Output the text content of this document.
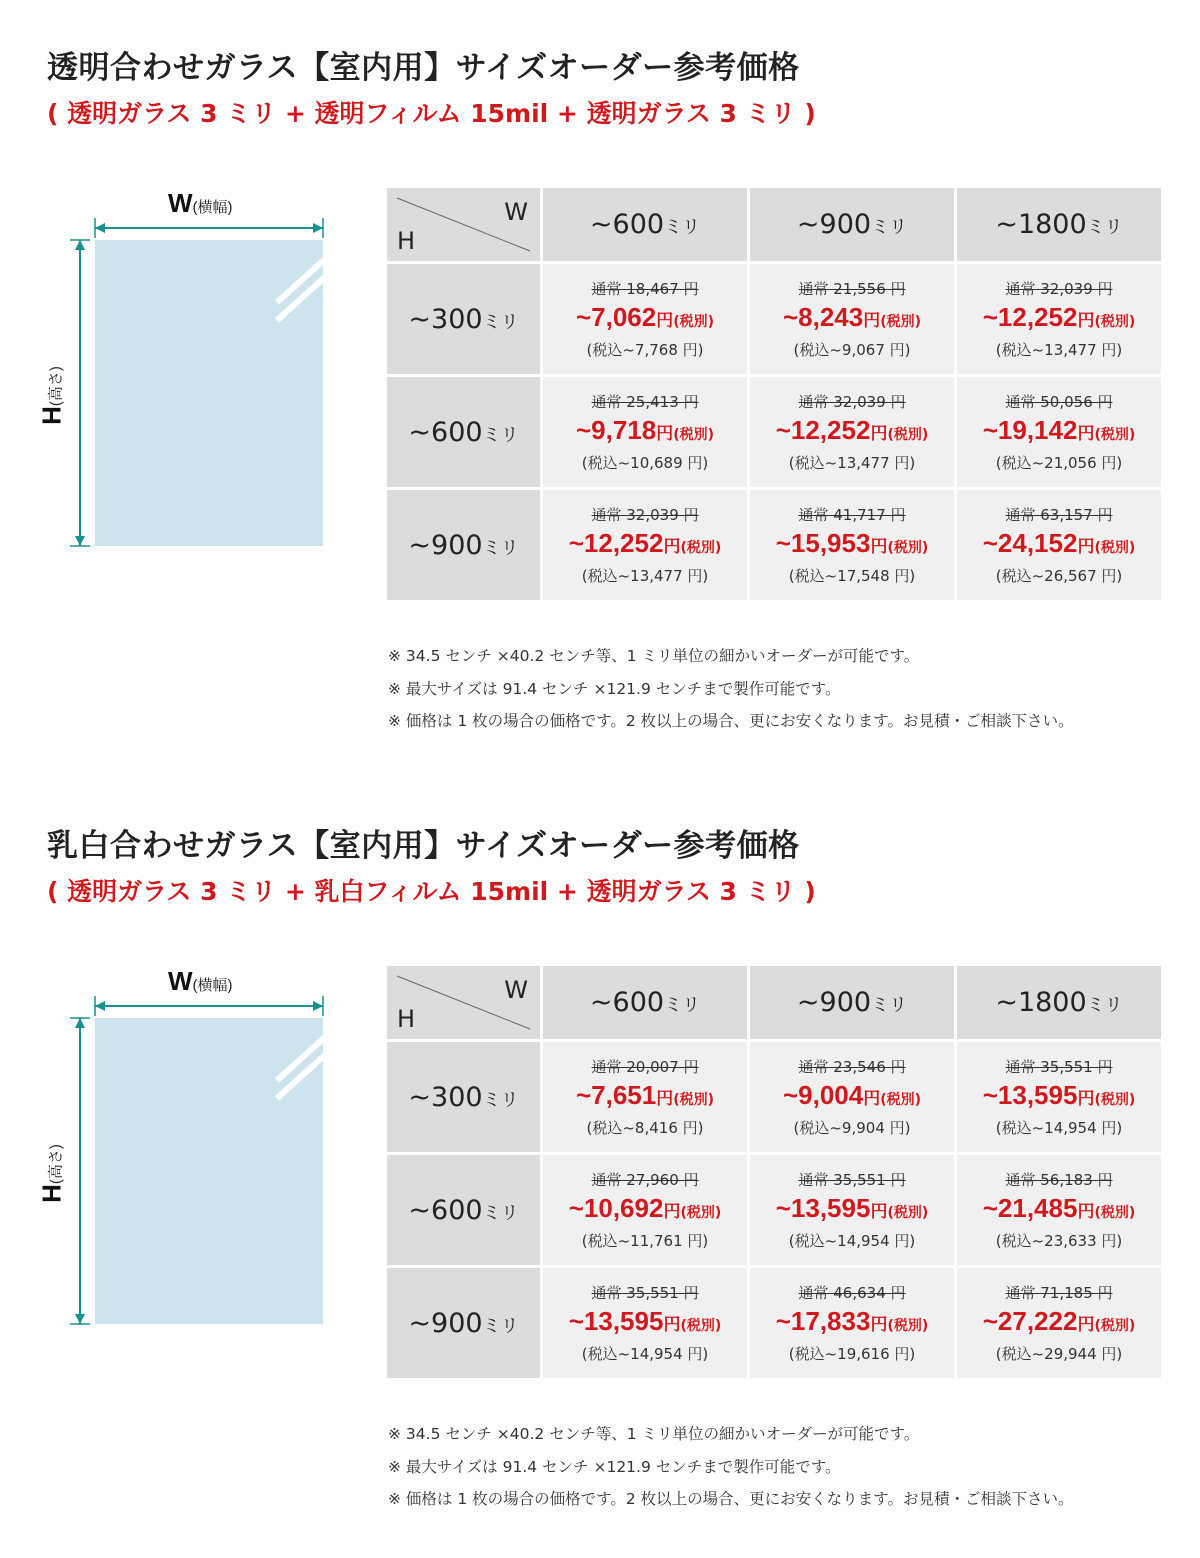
透明合わせガラス【室内用】サイズオーダー参考価格
( 透明ガラス 3 ミリ + 透明フィルム 15mil + 透明ガラス 3 ミリ )
W(横幅)
H(高さ)
W
H	~600ミリ	~900ミリ	~1800ミリ
~300ミリ	通常 18,467 円
~7,062円(税別)
(税込~7,768 円)	通常 21,556 円
~8,243円(税別)
(税込~9,067 円)	通常 32,039 円
~12,252円(税別)
(税込~13,477 円)

~600ミリ	通常 25,413 円
~9,718円(税別)
(税込~10,689 円)	通常 32,039 円
~12,252円(税別)
(税込~13,477 円)	通常 50,056 円
~19,142円(税別)
(税込~21,056 円)

~900ミリ	通常 32,039 円
~12,252円(税別)
(税込~13,477 円)	通常 41,717 円
~15,953円(税別)
(税込~17,548 円)	通常 63,157 円
~24,152円(税別)
(税込~26,567 円)
※ 34.5 センチ ×40.2 センチ等、1 ミリ単位の細かいオーダーが可能です。
※ 最大サイズは 91.4 センチ ×121.9 センチまで製作可能です。
※ 価格は 1 枚の場合の価格です。2 枚以上の場合、更にお安くなります。お見積・ご相談下さい。
乳白合わせガラス【室内用】サイズオーダー参考価格
( 透明ガラス 3 ミリ + 乳白フィルム 15mil + 透明ガラス 3 ミリ )
W(横幅)
H(高さ)
W
H	~600ミリ	~900ミリ	~1800ミリ
~300ミリ	通常 20,007 円
~7,651円(税別)
(税込~8,416 円)	通常 23,546 円
~9,004円(税別)
(税込~9,904 円)	通常 35,551 円
~13,595円(税別)
(税込~14,954 円)

~600ミリ	通常 27,960 円
~10,692円(税別)
(税込~11,761 円)	通常 35,551 円
~13,595円(税別)
(税込~14,954 円)	通常 56,183 円
~21,485円(税別)
(税込~23,633 円)

~900ミリ	通常 35,551 円
~13,595円(税別)
(税込~14,954 円)	通常 46,634 円
~17,833円(税別)
(税込~19,616 円)	通常 71,185 円
~27,222円(税別)
(税込~29,944 円)
※ 34.5 センチ ×40.2 センチ等、1 ミリ単位の細かいオーダーが可能です。
※ 最大サイズは 91.4 センチ ×121.9 センチまで製作可能です。
※ 価格は 1 枚の場合の価格です。2 枚以上の場合、更にお安くなります。お見積・ご相談下さい。
